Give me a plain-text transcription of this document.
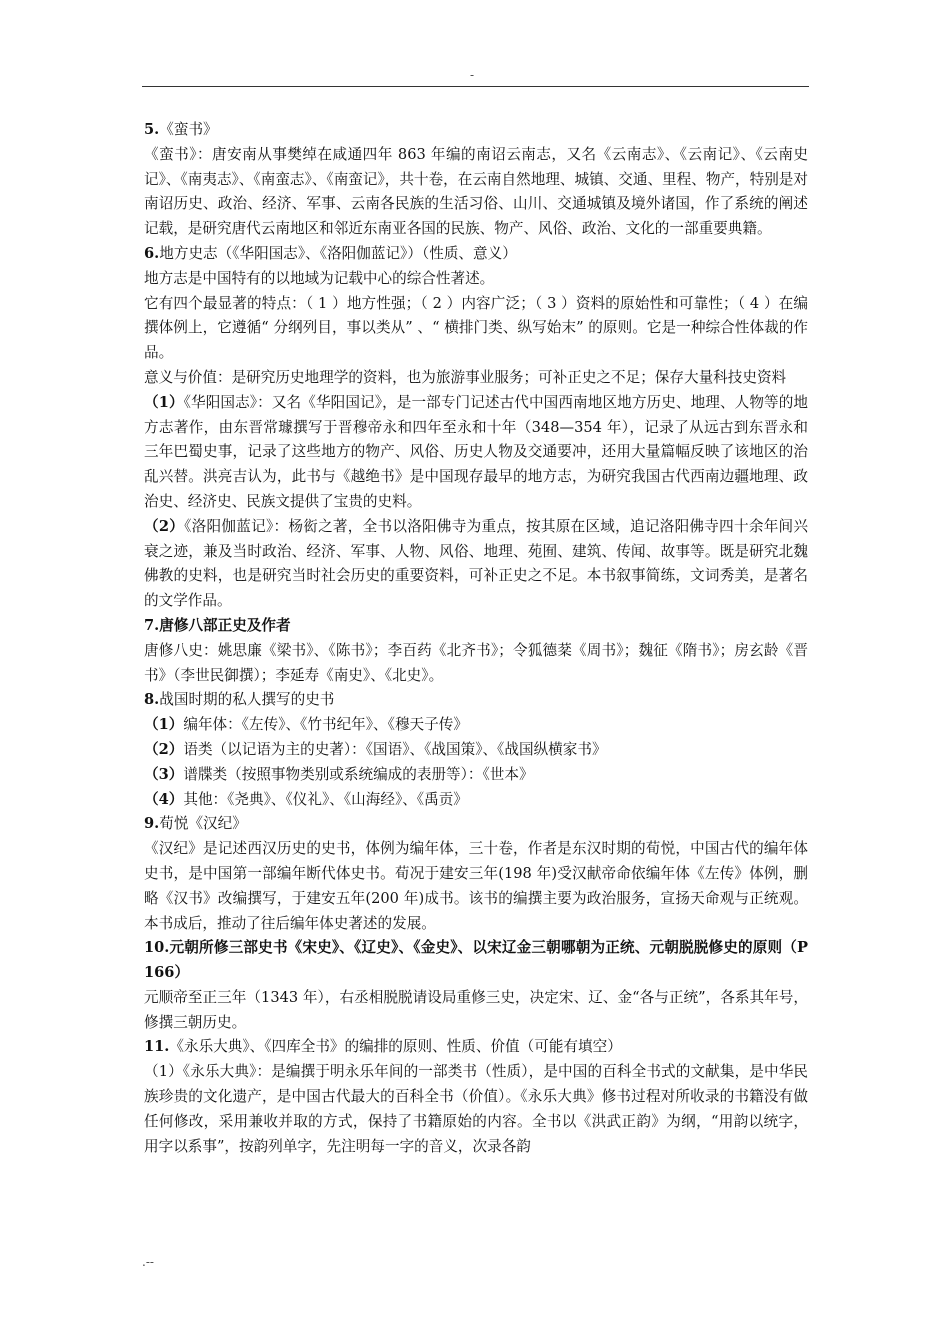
-

5.《蛮书》

《蛮书》：唐安南从事樊绰在咸通四年 863 年编的南诏云南志，又名《云南志》、《云南记》、《云南史记》、《南夷志》、《南蛮志》、《南蛮记》，共十卷，在云南自然地理、城镇、交通、里程、物产，特别是对南诏历史、政治、经济、军事、云南各民族的生活习俗、山川、交通城镇及境外诸国，作了系统的阐述记载，是研究唐代云南地区和邻近东南亚各国的民族、物产、风俗、政治、文化的一部重要典籍。

6.地方史志（《华阳国志》、《洛阳伽蓝记》）（性质、意义）

地方志是中国特有的以地域为记载中心的综合性著述。

它有四个最显著的特点：（ 1 ）地方性强；（ 2 ）内容广泛；（ 3 ）资料的原始性和可靠性；（ 4 ）在编撰体例上，它遵循“ 分纲列目，事以类从” 、“ 横排门类、纵写始末” 的原则。它是一种综合性体裁的作品。

意义与价值：是研究历史地理学的资料，也为旅游事业服务；可补正史之不足；保存大量科技史资料

（1）《华阳国志》：又名《华阳国记》，是一部专门记述古代中国西南地区地方历史、地理、人物等的地方志著作，由东晋常璩撰写于晋穆帝永和四年至永和十年（348—354 年），记录了从远古到东晋永和三年巴蜀史事，记录了这些地方的物产、风俗、历史人物及交通要冲，还用大量篇幅反映了该地区的治乱兴替。洪亮吉认为，此书与《越绝书》是中国现存最早的地方志，为研究我国古代西南边疆地理、政治史、经济史、民族文提供了宝贵的史料。

（2）《洛阳伽蓝记》：杨衒之著，全书以洛阳佛寺为重点，按其原在区域，追记洛阳佛寺四十余年间兴衰之迹，兼及当时政治、经济、军事、人物、风俗、地理、苑囿、建筑、传闻、故事等。既是研究北魏佛教的史料，也是研究当时社会历史的重要资料，可补正史之不足。本书叙事简练，文词秀美，是著名的文学作品。

7.唐修八部正史及作者

唐修八史：姚思廉《梁书》、《陈书》；李百药《北齐书》；令狐德棻《周书》；魏征《隋书》；房玄龄《晋书》（李世民御撰）；李延寿《南史》、《北史》。

8.战国时期的私人撰写的史书

（1）编年体：《左传》、《竹书纪年》、《穆天子传》

（2）语类（以记语为主的史著）：《国语》、《战国策》、《战国纵横家书》

（3）谱牒类（按照事物类别或系统编成的表册等）：《世本》

（4）其他：《尧典》、《仪礼》、《山海经》、《禹贡》

9.荀悦《汉纪》

《汉纪》是记述西汉历史的史书，体例为编年体，三十卷，作者是东汉时期的荀悦，中国古代的编年体史书，是中国第一部编年断代体史书。荀况于建安三年(198 年)受汉献帝命依编年体《左传》体例，删略《汉书》改编撰写，于建安五年(200 年)成书。该书的编撰主要为政治服务，宣扬天命观与正统观。本书成后，推动了往后编年体史著述的发展。

10.元朝所修三部史书《宋史》、《辽史》、《金史》、以宋辽金三朝哪朝为正统、元朝脱脱修史的原则（P166）

元顺帝至正三年（1343 年），右丞相脱脱请设局重修三史，决定宋、辽、金“各与正统”，各系其年号，修撰三朝历史。

11.《永乐大典》、《四库全书》的编排的原则、性质、价值（可能有填空）

（1）《永乐大典》：是编撰于明永乐年间的一部类书（性质），是中国的百科全书式的文献集，是中华民族珍贵的文化遗产，是中国古代最大的百科全书（价值）。《永乐大典》修书过程对所收录的书籍没有做任何修改，采用兼收并取的方式，保持了书籍原始的内容。全书以《洪武正韵》为纲，“用韵以统字，用字以系事”，按韵列单字，先注明每一字的音义，次录各韵

.--
